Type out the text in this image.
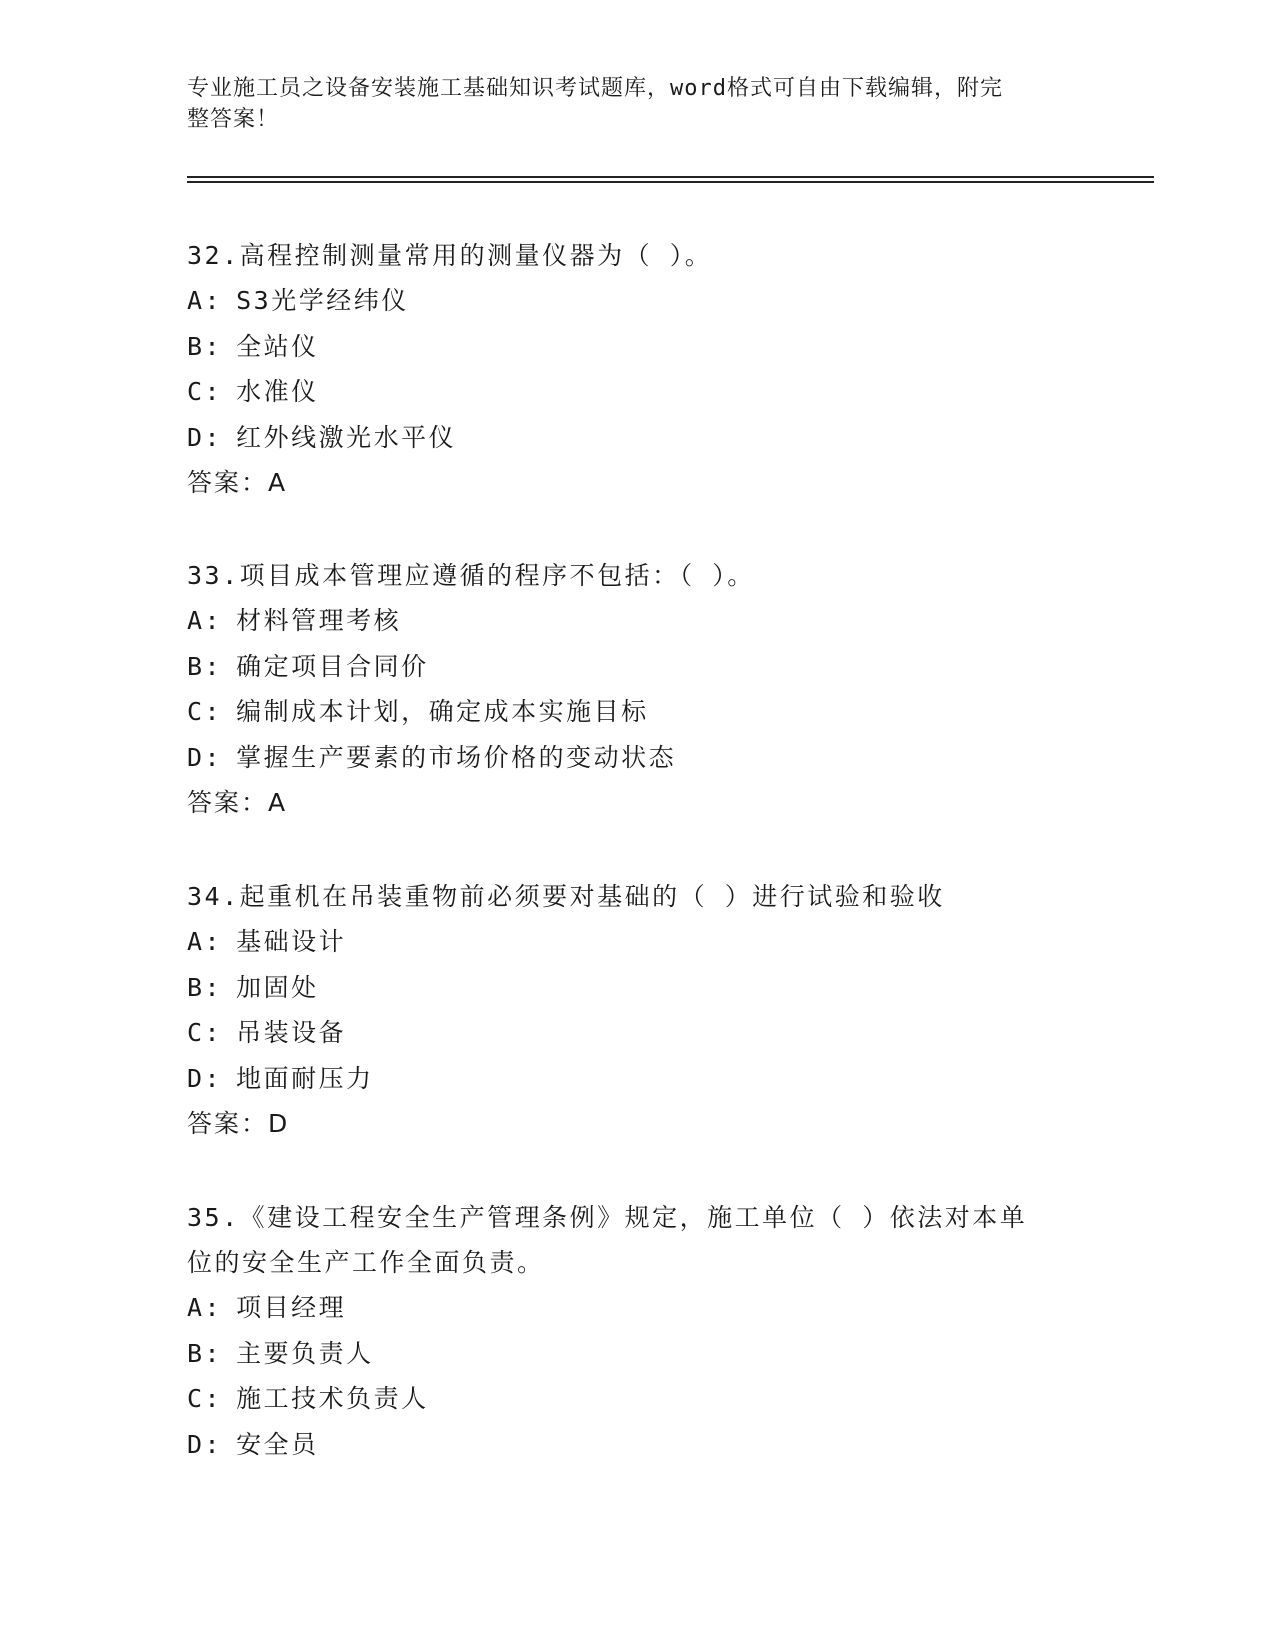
专业施工员之设备安装施工基础知识考试题库，word格式可自由下载编辑，附完
整答案！

32.高程控制测量常用的测量仪器为（ ）。

A: S3光学经纬仪

B: 全站仪

C: 水准仪

D: 红外线激光水平仪

答案：A

33.项目成本管理应遵循的程序不包括：（ ）。

A: 材料管理考核

B: 确定项目合同价

C: 编制成本计划，确定成本实施目标

D: 掌握生产要素的市场价格的变动状态

答案：A

34.起重机在吊装重物前必须要对基础的（ ）进行试验和验收

A: 基础设计

B: 加固处

C: 吊装设备

D: 地面耐压力

答案：D

35.《建设工程安全生产管理条例》规定，施工单位（ ）依法对本单位的安全生产工作全面负责。

A: 项目经理

B: 主要负责人

C: 施工技术负责人

D: 安全员
